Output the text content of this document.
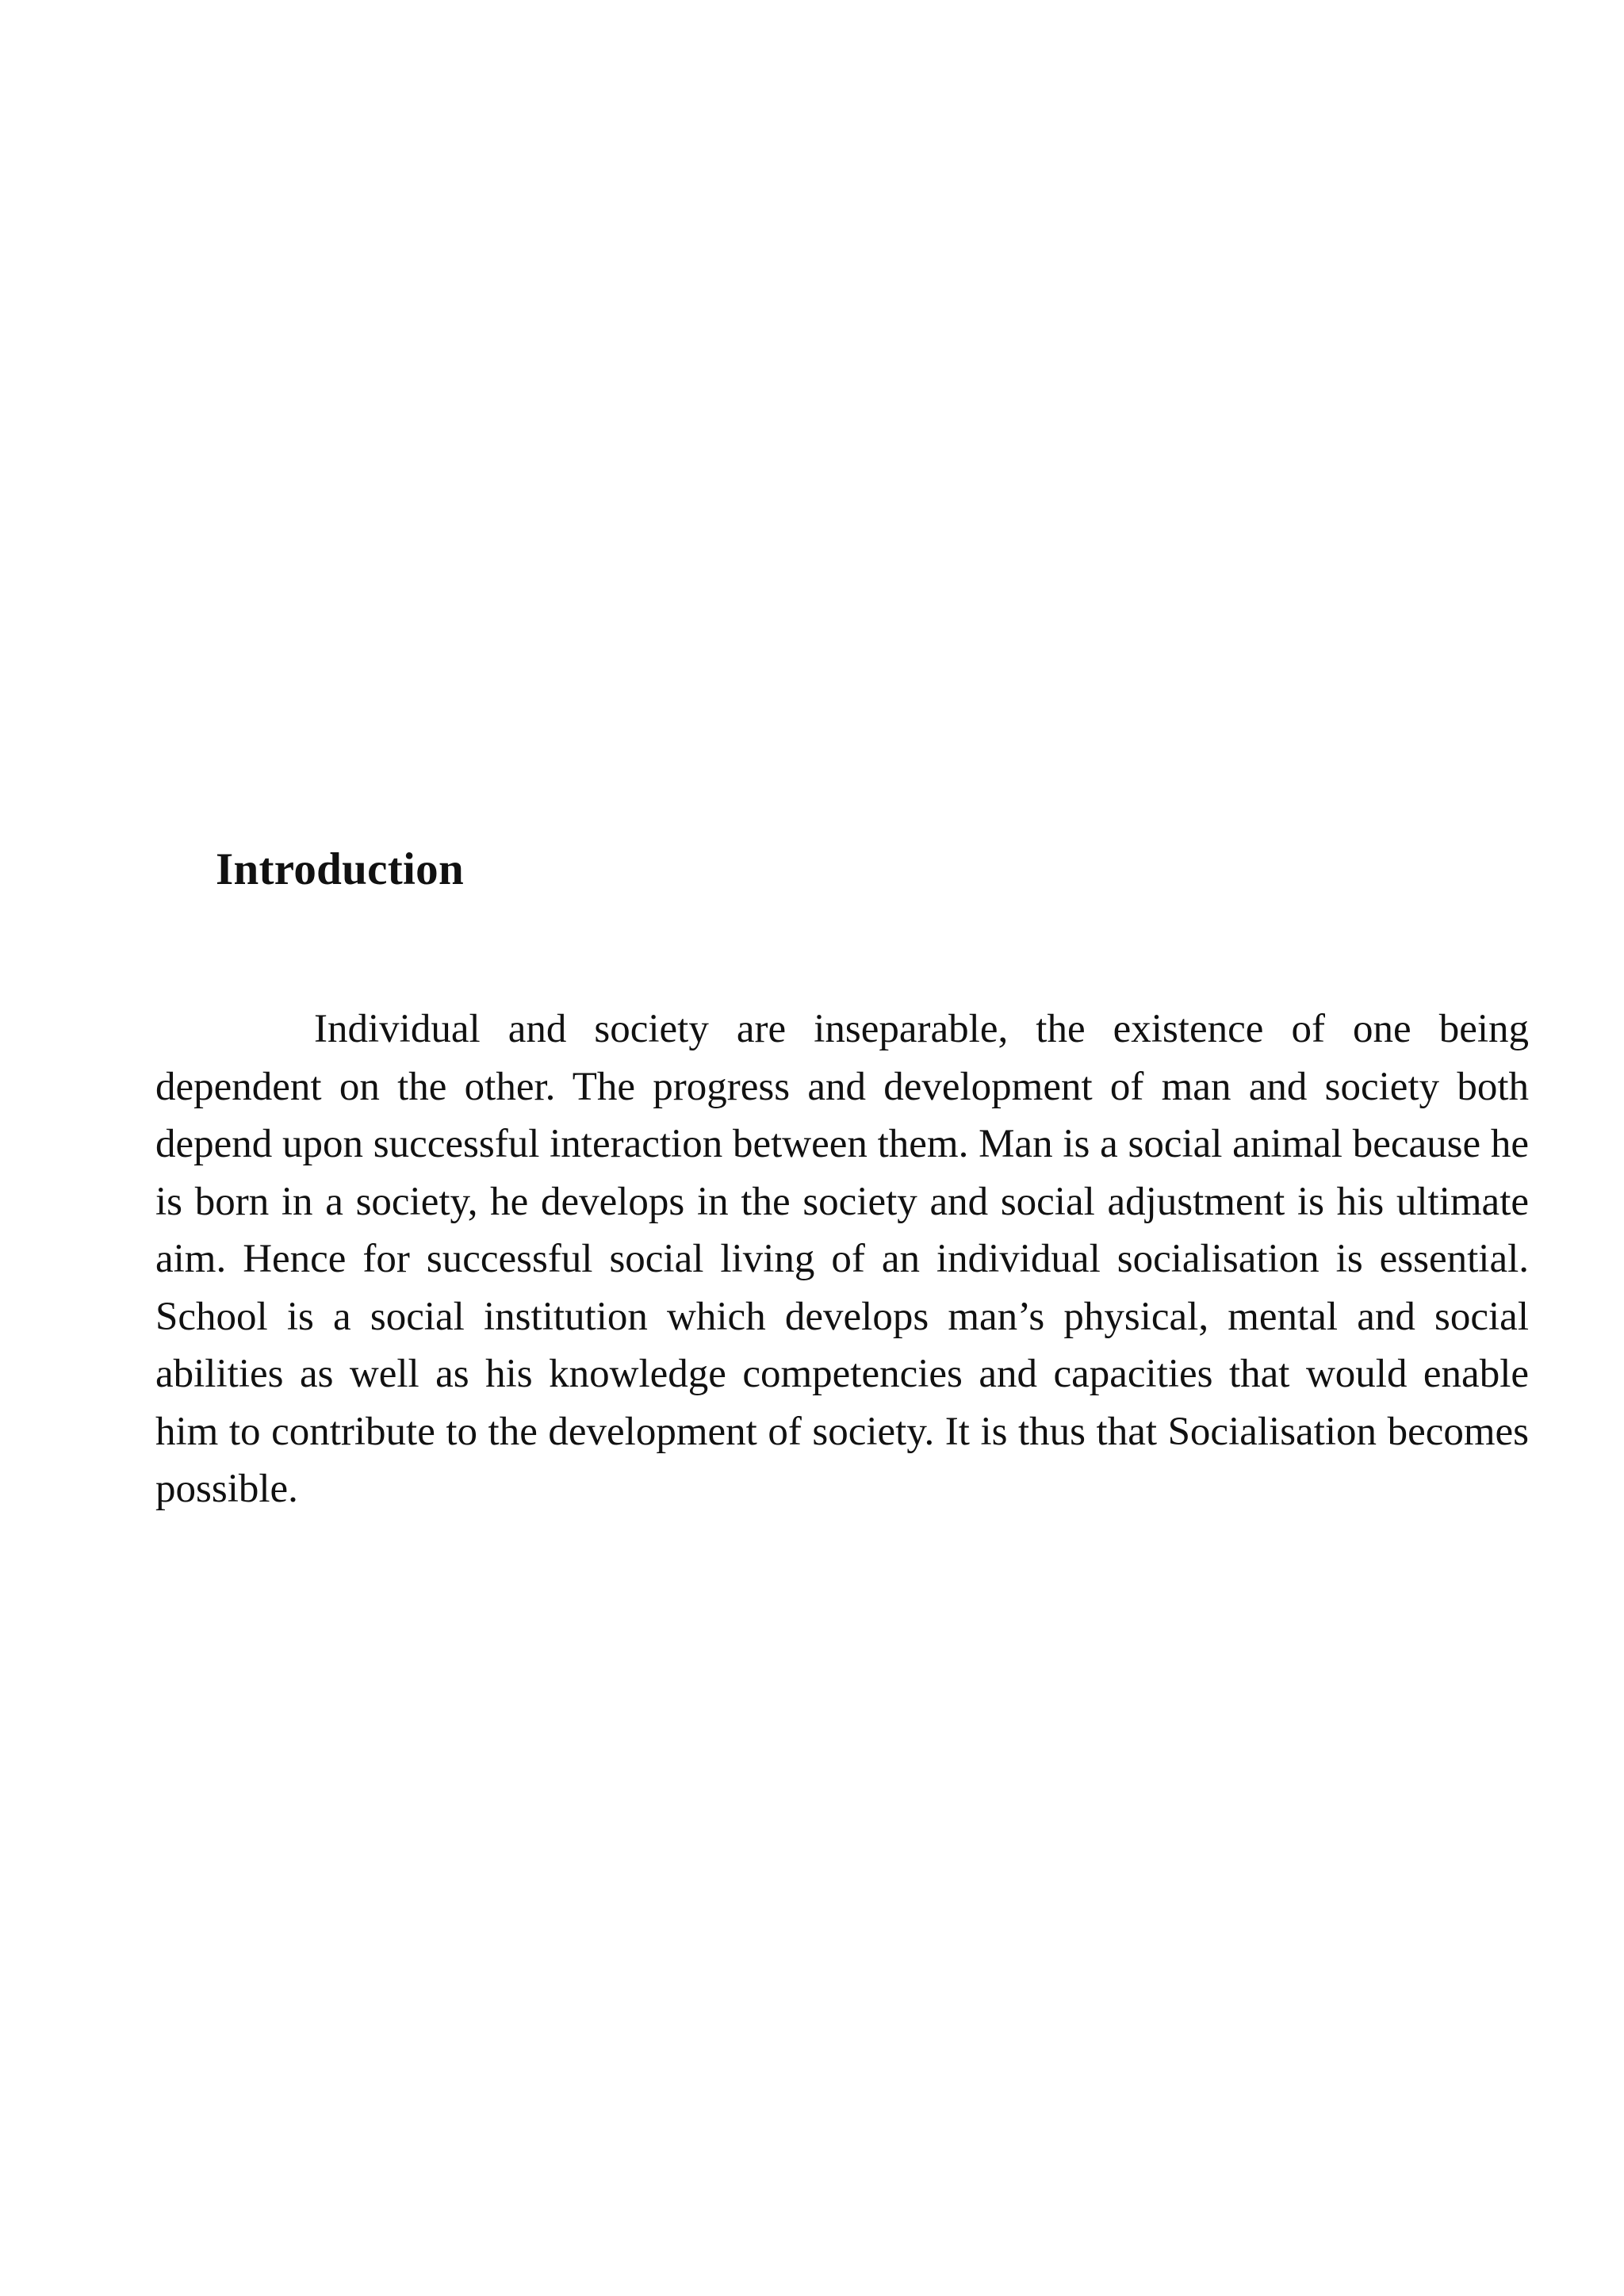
Introduction

Individual and society are inseparable, the existence of one being dependent on the other. The progress and development of man and society both depend upon successful interaction between them. Man is a social animal because he is born in a society, he develops in the society and social adjustment is his ultimate aim. Hence for successful social living of an individual socialisation is essential. School is a social institution which develops man’s physical, mental and social abilities as well as his knowledge competencies and capacities that would enable him to contribute to the development of society. It is thus that Socialisation becomes possible.
